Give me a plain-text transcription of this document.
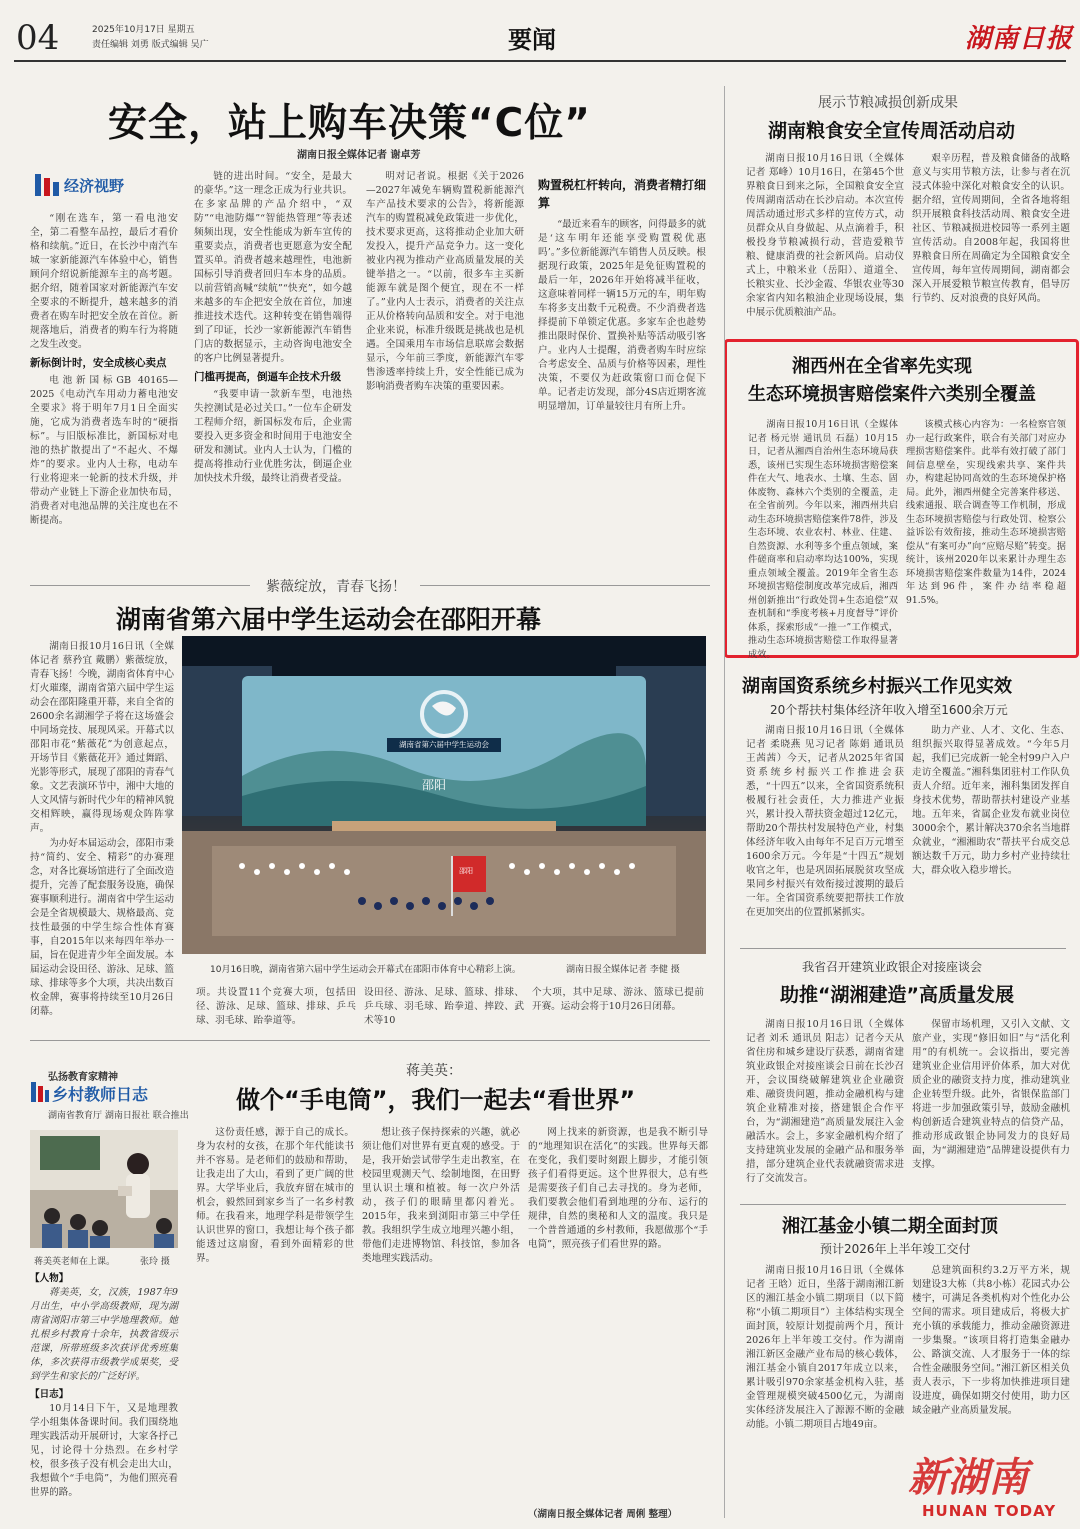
04	2025年10月17日 星期五
责任编辑 刘勇 版式编辑 吴广	要闻	湖南日报
安全，站上购车决策“C位”
湖南日报全媒体记者 谢卓芳
经济视野

“刚在选车，第一看电池安全，第二看整车品控，最后才看价格和续航。”近日，在长沙中南汽车城一家新能源汽车体验中心，销售顾问介绍说新能源车主的高考题。据介绍，随着国家对新能源汽车安全要求的不断提升，越来越多的消费者在购车时把安全放在首位。新规落地后，消费者的购车行为将随之发生改变。

新标倒计时，安全成核心卖点

电池新国标GB 40165—2025《电动汽车用动力蓄电池安全要求》将于明年7月1日全面实施，它成为消费者选车时的“硬指标”。与旧版标准比，新国标对电池的热扩散提出了“不起火、不爆炸”的要求。业内人士称，电动车行业将迎来一轮新的技术升级，并带动产业链上下游企业加快布局，消费者对电池品牌的关注度也在不断提高。

链的进出时间。“安全，是最大的豪华。”这一理念正成为行业共识。在多家品牌的产品介绍中，“双防”“电池防爆”“智能热管理”等表述频频出现，安全性能成为新车宣传的重要卖点，消费者也更愿意为安全配置买单。消费者越来越理性，电池新国标引导消费者回归车本身的品质。以前营销高喊“续航”“快充”，如今越来越多的车企把安全放在首位，加速推进技术迭代。这种转变在销售端得到了印证，长沙一家新能源汽车销售门店的数据显示，主动咨询电池安全的客户比例显著提升。

门槛再提高，倒逼车企技术升级

“我要申请一款新车型，电池热失控测试是必过关口。”一位车企研发工程师介绍，新国标发布后，企业需要投入更多资金和时间用于电池安全研发和测试。业内人士认为，门槛的提高将推动行业优胜劣汰，倒逼企业加快技术升级，最终让消费者受益。

明对记者说。根据《关于2026—2027年减免车辆购置税新能源汽车产品技术要求的公告》，将新能源汽车的购置税减免政策进一步优化，技术要求更高，这将推动企业加大研发投入，提升产品竞争力。这一变化被业内视为推动产业高质量发展的关键举措之一。“以前，很多车主买新能源车就是图个便宜，现在不一样了。”业内人士表示，消费者的关注点正从价格转向品质和安全。对于电池企业来说，标准升级既是挑战也是机遇。全国乘用车市场信息联席会数据显示，今年前三季度，新能源汽车零售渗透率持续上升，安全性能已成为影响消费者购车决策的重要因素。

购置税杠杆转向，消费者精打细算

“最近来看车的顾客，问得最多的就是‘这车明年还能享受购置税优惠吗’。”多位新能源汽车销售人员反映。根据现行政策，2025年是免征购置税的最后一年，2026年开始将减半征收，这意味着同样一辆15万元的车，明年购车将多支出数千元税费。不少消费者选择提前下单锁定优惠。多家车企也趁势推出限时保价、置换补贴等活动吸引客户。业内人士提醒，消费者购车时应综合考虑安全、品质与价格等因素，理性决策，不要仅为赶政策窗口而仓促下单。记者走访发现，部分4S店近期客流明显增加，订单量较往月有所上升。

展示节粮减损创新成果
湖南粮食安全宣传周活动启动

湖南日报10月16日讯（全媒体记者 郑峰）10月16日，在第45个世界粮食日到来之际，全国粮食安全宣传周湖南活动在长沙启动。本次宣传周活动通过形式多样的宣传方式，动员群众从自身做起、从点滴着手，积极投身节粮减损行动，营造爱粮节粮、健康消费的社会新风尚。启动仪式上，中粮米业（岳阳）、道道全、长粮实业、长沙金霞、华银农业等30余家省内知名粮油企业现场设展，集中展示优质粮油产品。

艰辛历程，普及粮食储备的战略意义与实用节粮方法，让参与者在沉浸式体验中深化对粮食安全的认识。据介绍，宣传周期间，全省各地将组织开展粮食科技活动周、粮食安全进社区、节粮减损进校园等一系列主题宣传活动。自2008年起，我国将世界粮食日所在周确定为全国粮食安全宣传周，每年宣传周期间，湖南都会深入开展爱粮节粮宣传教育，倡导厉行节约、反对浪费的良好风尚。

湘西州在全省率先实现
生态环境损害赔偿案件六类别全覆盖

湖南日报10月16日讯（全媒体记者 杨元崇 通讯员 石磊）10月15日，记者从湘西自治州生态环境局获悉，该州已实现生态环境损害赔偿案件在大气、地表水、土壤、生态、固体废物、森林六个类别的全覆盖，走在全省前列。今年以来，湘西州共启动生态环境损害赔偿案件78件，涉及生态环境、农业农村、林业、住建、自然资源、水利等多个重点领域，案件磋商率和启动率均达100%，实现重点领域全覆盖。2019年全省生态环境损害赔偿制度改革完成后，湘西州创新推出“行政处罚+生态追偿”双查机制和“季度考核+月度督导”评价体系，探索形成“一推一”工作模式，推动生态环境损害赔偿工作取得显著成效。

该模式核心内容为：一名检察官领办一起行政案件，联合有关部门对应办理损害赔偿案件。此举有效打破了部门间信息壁垒，实现线索共享、案件共办，构建起协同高效的生态环境保护格局。此外，湘西州健全完善案件移送、线索通报、联合调查等工作机制，形成生态环境损害赔偿与行政处罚、检察公益诉讼有效衔接，推动生态环境损害赔偿从“有案可办”向“应赔尽赔”转变。据统计，该州2020年以来累计办理生态环境损害赔偿案件数量为14件，2024年达到96件，案件办结率稳超91.5%。

湖南国资系统乡村振兴工作见实效
20个帮扶村集体经济年收入增至1600余万元

湖南日报10月16日讯（全媒体记者 柔晓燕 见习记者 陈娟 通讯员 王茜茜）今天，记者从2025年省国资系统乡村振兴工作推进会获悉，“十四五”以来，全省国资系统积极履行社会责任，大力推进产业振兴，累计投入帮扶资金超过12亿元，帮助20个帮扶村发展特色产业，村集体经济年收入由每年不足百万元增至1600余万元。今年是“十四五”规划收官之年，也是巩固拓展脱贫攻坚成果同乡村振兴有效衔接过渡期的最后一年。全省国资系统要把帮扶工作放在更加突出的位置抓紧抓实。

助力产业、人才、文化、生态、组织振兴取得显著成效。“今年5月起，我们已完成新一轮全村99户入户走访全覆盖。”湘科集团驻村工作队负责人介绍。近年来，湘科集团发挥自身技术优势，帮助帮扶村建设产业基地。五年来，省属企业发布就业岗位3000余个，累计解决370余名当地群众就业，“湘湘助农”帮扶平台成交总额达数千万元，助力乡村产业持续壮大，群众收入稳步增长。

我省召开建筑业政银企对接座谈会
助推“湖湘建造”高质量发展

湖南日报10月16日讯（全媒体记者 刘禾 通讯员 阳志）记者今天从省住房和城乡建设厅获悉，湖南省建筑业政银企对接座谈会日前在长沙召开，会议围绕破解建筑业企业融资难、融资贵问题，推动金融机构与建筑企业精准对接，搭建银企合作平台，为“湖湘建造”高质量发展注入金融活水。会上，多家金融机构介绍了支持建筑业发展的金融产品和服务举措，部分建筑企业代表就融资需求进行了交流发言。

保留市场机理，又引入文献、文旅产业，实现“修旧如旧”与“活化利用”的有机统一。会议指出，要完善建筑业企业信用评价体系，加大对优质企业的融资支持力度，推动建筑业企业转型升级。此外，省银保监部门将进一步加强政策引导，鼓励金融机构创新适合建筑业特点的信贷产品，推动形成政银企协同发力的良好局面，为“湖湘建造”品牌建设提供有力支撑。

湘江基金小镇二期全面封顶
预计2026年上半年竣工交付

湖南日报10月16日讯（全媒体记者 王晗）近日，坐落于湖南湘江新区的湘江基金小镇二期项目（以下简称“小镇二期项目”）主体结构实现全面封顶，较原计划提前两个月，预计2026年上半年竣工交付。作为湖南湘江新区金融产业布局的核心载体，湘江基金小镇自2017年成立以来，累计吸引970余家基金机构入驻，基金管理规模突破4500亿元，为湖南实体经济发展注入了源源不断的金融动能。小镇二期项目占地49亩。

总建筑面积约3.2万平方米，规划建设3大栋（共8小栋）花园式办公楼宇，可满足各类机构对个性化办公空间的需求。项目建成后，将极大扩充小镇的承载能力，推动金融资源进一步集聚。“该项目将打造集金融办公、路演交流、人才服务于一体的综合性金融服务空间。”湘江新区相关负责人表示，下一步将加快推进项目建设进度，确保如期交付使用，助力区域金融产业高质量发展。

紫薇绽放，青春飞扬！
湖南省第六届中学生运动会在邵阳开幕

湖南日报10月16日讯（全媒体记者 蔡矜宜 戴鹏）紫薇绽放，青春飞扬！今晚，湖南省体育中心灯火璀璨，湖南省第六届中学生运动会在邵阳隆重开幕，来自全省的2600余名湖湘学子将在这场盛会中同场竞技、展现风采。开幕式以邵阳市花“紫薇花”为创意起点，开场节目《紫薇花开》通过舞蹈、光影等形式，展现了邵阳的青春气象。文艺表演环节中，湘中大地的人文风情与新时代少年的精神风貌交相辉映，赢得现场观众阵阵掌声。

为办好本届运动会，邵阳市秉持“简约、安全、精彩”的办赛理念，对各比赛场馆进行了全面改造提升，完善了配套服务设施，确保赛事顺利进行。湖南省中学生运动会是全省规模最大、规格最高、竞技性最强的中学生综合性体育赛事，自2015年以来每四年举办一届，旨在促进青少年全面发展。本届运动会设田径、游泳、足球、篮球、排球等多个大项，共决出数百枚金牌，赛事将持续至10月26日闭幕。

湖南省第六届中学生运动会
邵阳
邵阳
10月16日晚，湖南省第六届中学生运动会开幕式在邵阳市体育中心精彩上演。	湖南日报全媒体记者 李健 摄

项。共设置11个竞赛大项，包括田径、游泳、足球、篮球、排球、乒乓球、羽毛球、跆拳道等。

设田径、游泳、足球、篮球、排球、乒乓球、羽毛球、跆拳道、摔跤、武术等10

个大项，其中足球、游泳、篮球已提前开赛。运动会将于10月26日闭幕。

弘扬教育家精神
乡村教师日志
湖南省教育厅 湖南日报社 联合推出
蒋美英：
做个“手电筒”，我们一起去“看世界”
蒋美英老师在上课。	张玲 摄
【人物】

蒋美英，女，汉族，1987年9月出生，中小学高级教师，现为湖南省浏阳市第三中学地理教师。她扎根乡村教育十余年，执教省级示范课，所带班级多次获评优秀班集体，多次获得市级教学成果奖，受到学生和家长的广泛好评。

【日志】

10月14日下午，又是地理教学小组集体备课时间。我们围绕地理实践活动开展研讨，大家各抒己见，讨论得十分热烈。在乡村学校，很多孩子没有机会走出大山，我想做个“手电筒”，为他们照亮看世界的路。

这份责任感，源于自己的成长。身为农村的女孩，在那个年代能读书并不容易。是老师们的鼓励和帮助，让我走出了大山，看到了更广阔的世界。大学毕业后，我放弃留在城市的机会，毅然回到家乡当了一名乡村教师。在我看来，地理学科是带领学生认识世界的窗口，我想让每个孩子都能透过这扇窗，看到外面精彩的世界。

想让孩子保持探索的兴趣，就必须让他们对世界有更直观的感受。于是，我开始尝试带学生走出教室，在校园里观测天气、绘制地图，在田野里认识土壤和植被。每一次户外活动，孩子们的眼睛里都闪着光。2015年，我来到浏阳市第三中学任教。我组织学生成立地理兴趣小组，带他们走进博物馆、科技馆，参加各类地理实践活动。

网上找来的新资源，也是我不断引导的“地理知识在活化”的实践。世界每天都在变化，我们要时刻跟上脚步，才能引领孩子们看得更远。这个世界很大，总有些是需要孩子们自己去寻找的。身为老师，我们要教会他们看到地理的分布、运行的规律，自然的奥秘和人文的温度。我只是一个普普通通的乡村教师，我愿做那个“手电筒”，照亮孩子们看世界的路。

（湖南日报全媒体记者 周俐 整理）
新湖南
HUNAN TODAY
